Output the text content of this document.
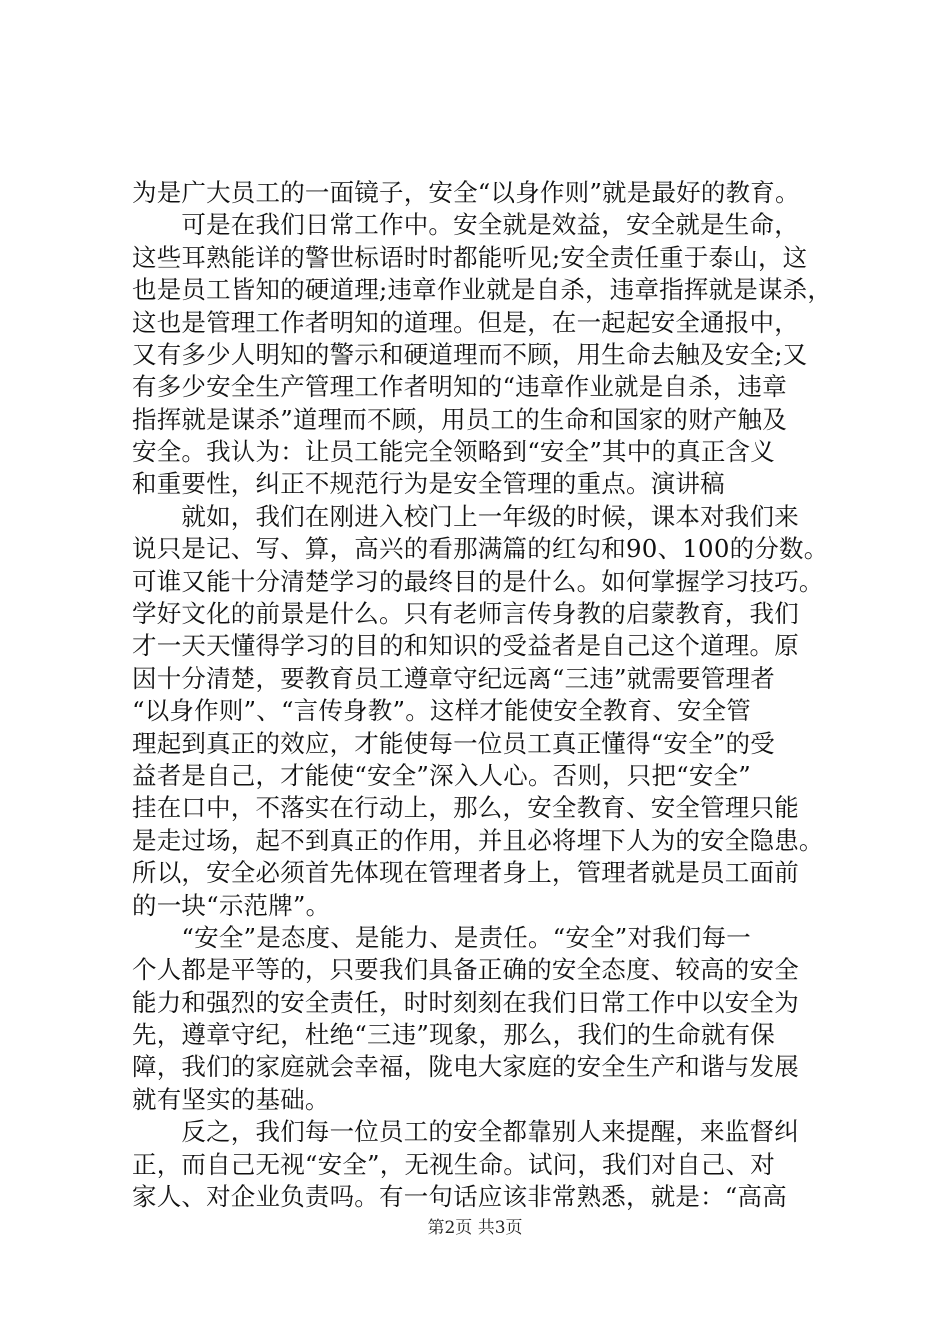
为是广大员工的一面镜子，安全“以身作则”就是最好的教育。
　　可是在我们日常工作中。安全就是效益，安全就是生命，
这些耳熟能详的警世标语时时都能听见;安全责任重于泰山，这
也是员工皆知的硬道理;违章作业就是自杀，违章指挥就是谋杀，
这也是管理工作者明知的道理。但是，在一起起安全通报中，
又有多少人明知的警示和硬道理而不顾，用生命去触及安全;又
有多少安全生产管理工作者明知的“违章作业就是自杀，违章
指挥就是谋杀”道理而不顾，用员工的生命和国家的财产触及
安全。我认为：让员工能完全领略到“安全”其中的真正含义
和重要性，纠正不规范行为是安全管理的重点。演讲稿
　　就如，我们在刚进入校门上一年级的时候，课本对我们来
说只是记、写、算，高兴的看那满篇的红勾和90、100的分数。
可谁又能十分清楚学习的最终目的是什么。如何掌握学习技巧。
学好文化的前景是什么。只有老师言传身教的启蒙教育，我们
才一天天懂得学习的目的和知识的受益者是自己这个道理。原
因十分清楚，要教育员工遵章守纪远离“三违”就需要管理者
“以身作则”、“言传身教”。这样才能使安全教育、安全管
理起到真正的效应，才能使每一位员工真正懂得“安全”的受
益者是自己，才能使“安全”深入人心。否则，只把“安全”
挂在口中，不落实在行动上，那么，安全教育、安全管理只能
是走过场，起不到真正的作用，并且必将埋下人为的安全隐患。
所以，安全必须首先体现在管理者身上，管理者就是员工面前
的一块“示范牌”。
　　“安全”是态度、是能力、是责任。“安全”对我们每一
个人都是平等的，只要我们具备正确的安全态度、较高的安全
能力和强烈的安全责任，时时刻刻在我们日常工作中以安全为
先，遵章守纪，杜绝“三违”现象，那么，我们的生命就有保
障，我们的家庭就会幸福，陇电大家庭的安全生产和谐与发展
就有坚实的基础。
　　反之，我们每一位员工的安全都靠别人来提醒，来监督纠
正，而自己无视“安全”，无视生命。试问，我们对自己、对
家人、对企业负责吗。有一句话应该非常熟悉，就是：“高高
第2页 共3页
